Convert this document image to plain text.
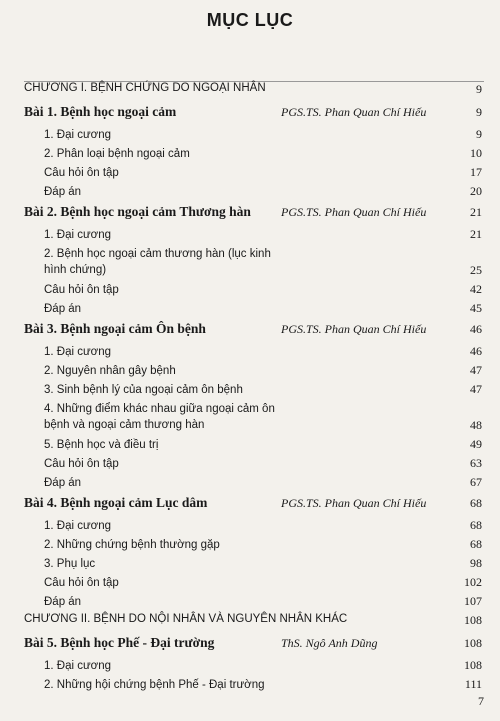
MỤC LỤC
CHƯƠNG I. BỆNH CHỨNG DO NGOẠI NHÂN	9
Bài 1. Bệnh học ngoại cảm	PGS.TS. Phan Quan Chí Hiếu	9
1. Đại cương	9
2. Phân loại bệnh ngoại cảm	10
Câu hỏi ôn tập	17
Đáp án	20
Bài 2. Bệnh học ngoại cảm Thương hàn	PGS.TS. Phan Quan Chí Hiếu	21
1. Đại cương	21
2. Bệnh học ngoại cảm thương hàn (lục kinh hình chứng)	25
Câu hỏi ôn tập	42
Đáp án	45
Bài 3. Bệnh ngoại cảm Ôn bệnh	PGS.TS. Phan Quan Chí Hiếu	46
1. Đại cương	46
2. Nguyên nhân gây bệnh	47
3. Sinh bệnh lý của ngoại cảm ôn bệnh	47
4. Những điểm khác nhau giữa ngoại cảm ôn bệnh và ngoại cảm thương hàn	48
5. Bệnh học và điều trị	49
Câu hỏi ôn tập	63
Đáp án	67
Bài 4. Bệnh ngoại cảm Lục dâm	PGS.TS. Phan Quan Chí Hiếu	68
1. Đại cương	68
2. Những chứng bệnh thường gặp	68
3. Phụ lục	98
Câu hỏi ôn tập	102
Đáp án	107
CHƯƠNG II. BỆNH DO NỘI NHÂN VÀ NGUYÊN NHÂN KHÁC	108
Bài 5. Bệnh học Phế - Đại trường	ThS. Ngô Anh Dũng	108
1. Đại cương	108
2. Những hội chứng bệnh Phế - Đại trường	111
7
